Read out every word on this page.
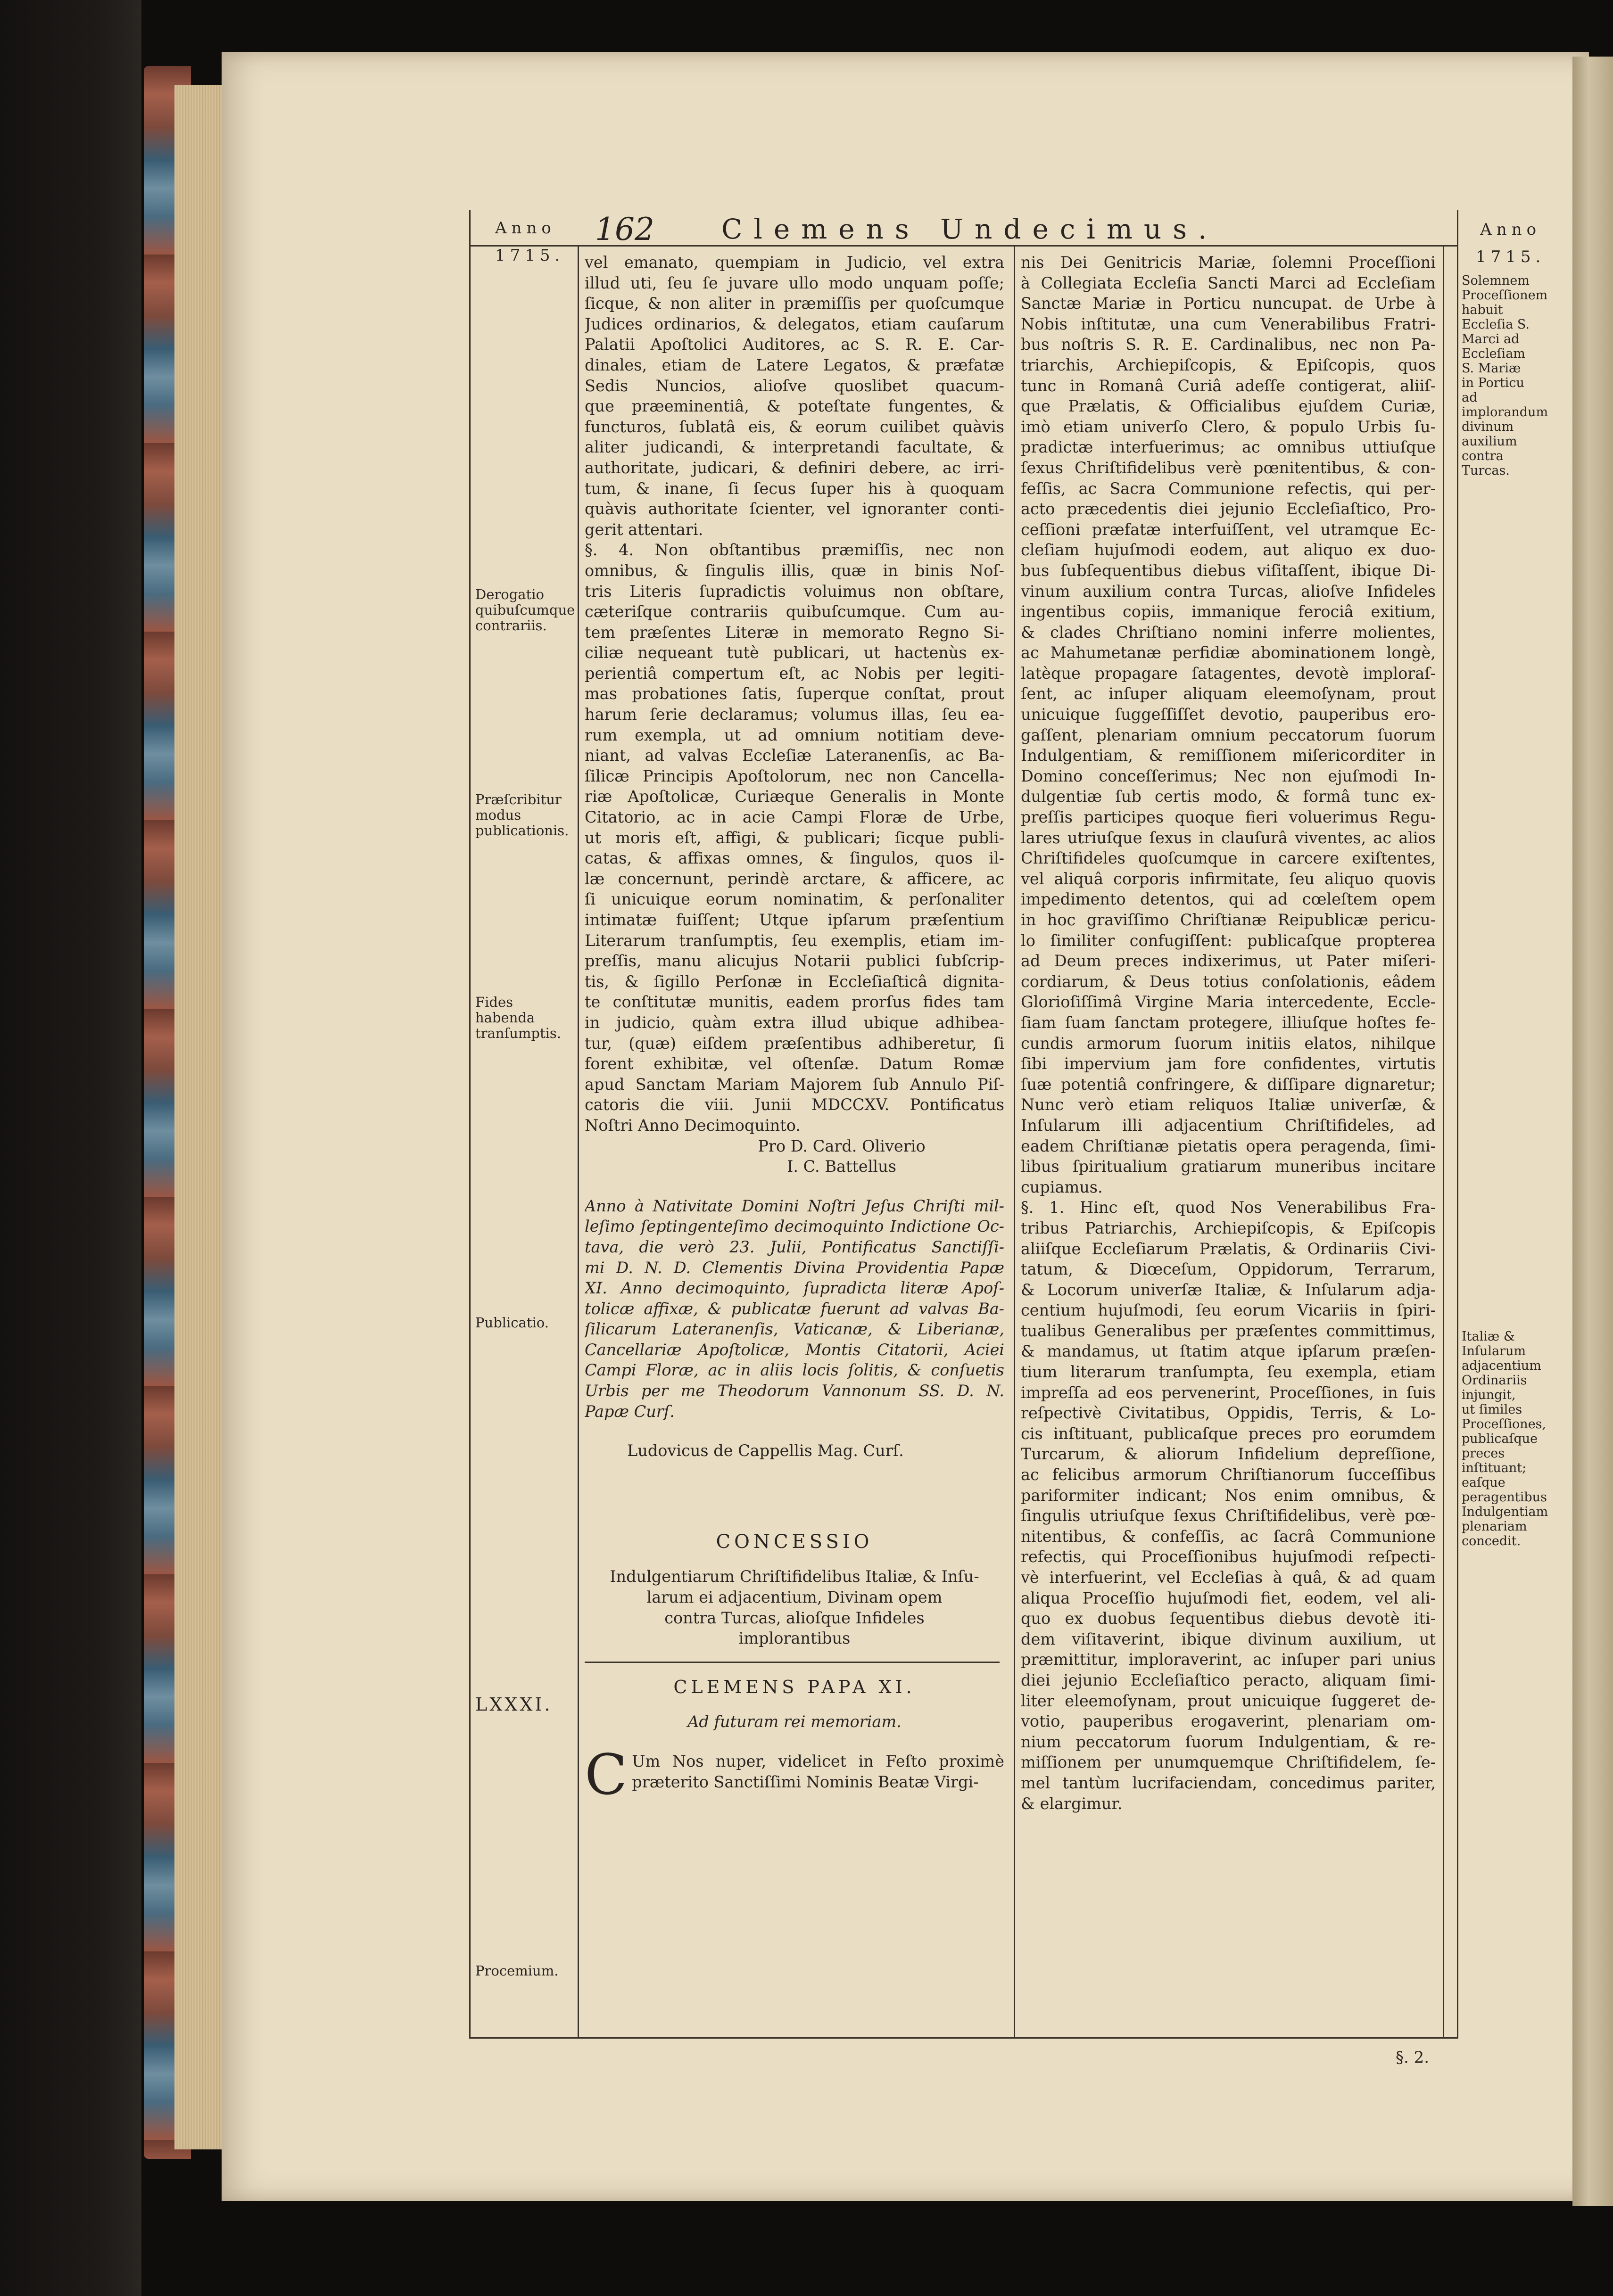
Anno
1715.
162 Clemens Undecimus.	Anno
1715.
Derogatio quibuſcumque contrariis.
Præſcribitur modus publicationis.
Fides habenda tranſumptis.
Publicatio.
LXXXI.
Procemium.
Solemnem Proceſſionem habuit Eccleſia S. Marci ad Eccleſiam S. Mariæ in Porticu ad implorandum divinum auxilium contra Turcas.
Italiæ & Inſularum adjacentium Ordinariis injungit, ut ſimiles Proceſſiones, publicaſque preces inſtituant; eaſque peragentibus Indulgentiam plenariam concedit.
vel emanato, quempiam in Judicio, vel extra
illud uti, ſeu ſe juvare ullo modo unquam poſſe;
ſicque, & non aliter in præmiſſis per quoſcumque
Judices ordinarios, & delegatos, etiam cauſarum
Palatii Apoſtolici Auditores, ac S. R. E. Car-
dinales, etiam de Latere Legatos, & præfatæ
Sedis Nuncios, alioſve quoslibet quacum-
que præeminentiâ, & poteſtate fungentes, &
functuros, ſublatâ eis, & eorum cuilibet quàvis
aliter judicandi, & interpretandi facultate, &
authoritate, judicari, & definiri debere, ac irri-
tum, & inane, ſi ſecus ſuper his à quoquam
quàvis authoritate ſcienter, vel ignoranter conti-
gerit attentari.
§. 4. Non obſtantibus præmiſſis, nec non
omnibus, & ſingulis illis, quæ in binis Noſ-
tris Literis ſupradictis voluimus non obſtare,
cæteriſque contrariis quibuſcumque. Cum au-
tem præſentes Literæ in memorato Regno Si-
ciliæ nequeant tutè publicari, ut hactenùs ex-
perientiâ compertum eſt, ac Nobis per legiti-
mas probationes ſatis, ſuperque conſtat, prout
harum ſerie declaramus; volumus illas, ſeu ea-
rum exempla, ut ad omnium notitiam deve-
niant, ad valvas Eccleſiæ Lateranenſis, ac Ba-
ſilicæ Principis Apoſtolorum, nec non Cancella-
riæ Apoſtolicæ, Curiæque Generalis in Monte
Citatorio, ac in acie Campi Floræ de Urbe,
ut moris eſt, affigi, & publicari; ſicque publi-
catas, & affixas omnes, & ſingulos, quos il-
læ concernunt, perindè arctare, & afficere, ac
ſi unicuique eorum nominatim, & perſonaliter
intimatæ fuiſſent; Utque ipſarum præſentium
Literarum tranſumptis, ſeu exemplis, etiam im-
preſſis, manu alicujus Notarii publici ſubſcrip-
tis, & ſigillo Perſonæ in Eccleſiaſticâ dignita-
te conſtitutæ munitis, eadem prorſus fides tam
in judicio, quàm extra illud ubique adhibea-
tur, (quæ) eiſdem præſentibus adhiberetur, ſi
forent exhibitæ, vel oſtenſæ. Datum Romæ
apud Sanctam Mariam Majorem ſub Annulo Piſ-
catoris die viii. Junii MDCCXV. Pontificatus
Noſtri Anno Decimoquinto.
Pro D. Card. Oliverio
I. C. Battellus
Anno à Nativitate Domini Noſtri Jeſus Chriſti mil-
leſimo ſeptingenteſimo decimoquinto Indictione Oc-
tava, die verò 23. Julii, Pontificatus Sanctiſſi-
mi D. N. D. Clementis Divina Providentia Papæ
XI. Anno decimoquinto, ſupradicta literæ Apoſ-
tolicæ affixæ, & publicatæ fuerunt ad valvas Ba-
ſilicarum Lateranenſis, Vaticanæ, & Liberianæ,
Cancellariæ Apoſtolicæ, Montis Citatorii, Aciei
Campi Floræ, ac in aliis locis ſolitis, & conſuetis
Urbis per me Theodorum Vannonum SS. D. N.
Papæ Curſ.
Ludovicus de Cappellis Mag. Curſ.
CONCESSIO
Indulgentiarum Chriſtifidelibus Italiæ, & Inſu-
larum ei adjacentium, Divinam opem
contra Turcas, alioſque Infideles
implorantibus
CLEMENS PAPA XI.
Ad futuram rei memoriam.
C Um Nos nuper, videlicet in Feſto proximè
præterito Sanctiſſimi Nominis Beatæ Virgi-
nis Dei Genitricis Mariæ, ſolemni Proceſſioni
à Collegiata Eccleſia Sancti Marci ad Eccleſiam
Sanctæ Mariæ in Porticu nuncupat. de Urbe à
Nobis inſtitutæ, una cum Venerabilibus Fratri-
bus noſtris S. R. E. Cardinalibus, nec non Pa-
triarchis, Archiepiſcopis, & Epiſcopis, quos
tunc in Romanâ Curiâ adeſſe contigerat, aliiſ-
que Prælatis, & Officialibus ejuſdem Curiæ,
imò etiam univerſo Clero, & populo Urbis ſu-
pradictæ interfuerimus; ac omnibus uttiuſque
ſexus Chriſtifidelibus verè pœnitentibus, & con-
feſſis, ac Sacra Communione refectis, qui per-
acto præcedentis diei jejunio Eccleſiaſtico, Pro-
ceſſioni præfatæ interfuiſſent, vel utramque Ec-
cleſiam hujuſmodi eodem, aut aliquo ex duo-
bus ſubſequentibus diebus viſitaſſent, ibique Di-
vinum auxilium contra Turcas, alioſve Infideles
ingentibus copiis, immanique ferociâ exitium,
& clades Chriſtiano nomini inferre molientes,
ac Mahumetanæ perfidiæ abominationem longè,
latèque propagare ſatagentes, devotè imploraſ-
ſent, ac inſuper aliquam eleemoſynam, prout
unicuique ſuggeſſiſſet devotio, pauperibus ero-
gaſſent, plenariam omnium peccatorum ſuorum
Indulgentiam, & remiſſionem miſericorditer in
Domino conceſſerimus; Nec non ejuſmodi In-
dulgentiæ ſub certis modo, & formâ tunc ex-
preſſis participes quoque fieri voluerimus Regu-
lares utriuſque ſexus in clauſurâ viventes, ac alios
Chriſtifideles quoſcumque in carcere exiſtentes,
vel aliquâ corporis infirmitate, ſeu aliquo quovis
impedimento detentos, qui ad cœleſtem opem
in hoc graviſſimo Chriſtianæ Reipublicæ pericu-
lo ſimiliter confugiſſent: publicaſque propterea
ad Deum preces indixerimus, ut Pater miſeri-
cordiarum, & Deus totius conſolationis, eâdem
Glorioſiſſimâ Virgine Maria intercedente, Eccle-
ſiam ſuam ſanctam protegere, illiuſque hoſtes fe-
cundis armorum ſuorum initiis elatos, nihilque
ſibi impervium jam fore confidentes, virtutis
ſuæ potentiâ confringere, & diſſipare dignaretur;
Nunc verò etiam reliquos Italiæ univerſæ, &
Inſularum illi adjacentium Chriſtifideles, ad
eadem Chriſtianæ pietatis opera peragenda, ſimi-
libus ſpiritualium gratiarum muneribus incitare
cupiamus.
§. 1. Hinc eſt, quod Nos Venerabilibus Fra-
tribus Patriarchis, Archiepiſcopis, & Epiſcopis
aliiſque Eccleſiarum Prælatis, & Ordinariis Civi-
tatum, & Diœceſum, Oppidorum, Terrarum,
& Locorum univerſæ Italiæ, & Inſularum adja-
centium hujuſmodi, ſeu eorum Vicariis in ſpiri-
tualibus Generalibus per præſentes committimus,
& mandamus, ut ſtatim atque ipſarum præſen-
tium literarum tranſumpta, ſeu exempla, etiam
impreſſa ad eos pervenerint, Proceſſiones, in ſuis
reſpectivè Civitatibus, Oppidis, Terris, & Lo-
cis inſtituant, publicaſque preces pro eorumdem
Turcarum, & aliorum Infidelium depreſſione,
ac felicibus armorum Chriſtianorum ſucceſſibus
pariformiter indicant; Nos enim omnibus, &
ſingulis utriuſque ſexus Chriſtifidelibus, verè pœ-
nitentibus, & confeſſis, ac ſacrâ Communione
refectis, qui Proceſſionibus hujuſmodi reſpecti-
vè interfuerint, vel Eccleſias à quâ, & ad quam
aliqua Proceſſio hujuſmodi fiet, eodem, vel ali-
quo ex duobus ſequentibus diebus devotè iti-
dem viſitaverint, ibique divinum auxilium, ut
præmittitur, imploraverint, ac inſuper pari unius
diei jejunio Eccleſiaſtico peracto, aliquam ſimi-
liter eleemoſynam, prout unicuique ſuggeret de-
votio, pauperibus erogaverint, plenariam om-
nium peccatorum ſuorum Indulgentiam, & re-
miſſionem per unumquemque Chriſtifidelem, ſe-
mel tantùm lucrifaciendam, concedimus pariter,
& elargimur.
§. 2.
